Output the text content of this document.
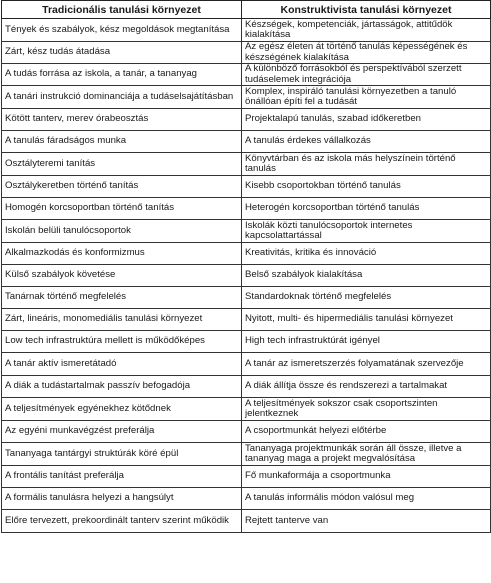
Tradicionális tanulási környezet	Konstruktivista tanulási környezet
Tények és szabályok, kész megoldások megtanítása	Készségek, kompetenciák, jártasságok, attitűdök kialakítása
Zárt, kész tudás átadása	Az egész életen át történő tanulás képességének és készségének kialakítása
A tudás forrása az iskola, a tanár, a tananyag	A különböző forrásokból és perspektívából szerzett tudáselemek integrációja
A tanári instrukció dominanciája a tudáselsajátításban	Komplex, inspiráló tanulási környezetben a tanuló önállóan építi fel a tudását
Kötött tanterv, merev órabeosztás	Projektalapú tanulás, szabad időkeretben
A tanulás fáradságos munka	A tanulás érdekes vállalkozás
Osztályteremi tanítás	Könyvtárban és az iskola más helyszínein történő tanulás
Osztálykeretben történő tanítás	Kisebb csoportokban történő tanulás
Homogén korcsoportban történő tanítás	Heterogén korcsoportban történő tanulás
Iskolán belüli tanulócsoportok	Iskolák közti tanulócsoportok internetes kapcsolattartással
Alkalmazkodás és konformizmus	Kreativitás, kritika és innováció
Külső szabályok követése	Belső szabályok kialakítása
Tanárnak történő megfelelés	Standardoknak történő megfelelés
Zárt, lineáris, monomediális tanulási környezet	Nyitott, multi- és hipermediális tanulási környezet
Low tech infrastruktúra mellett is működőképes	High tech infrastruktúrát igényel
A tanár aktív ismeretátadó	A tanár az ismeretszerzés folyamatának szervezője
A diák a tudástartalmak passzív befogadója	A diák állítja össze és rendszerezi a tartalmakat
A teljesítmények egyénekhez kötődnek	A teljesítmények sokszor csak csoportszinten jelentkeznek
Az egyéni munkavégzést preferálja	A csoportmunkát helyezi előtérbe
Tananyaga tantárgyi struktúrák köré épül	Tananyaga projektmunkák során áll össze, illetve a tananyag maga a projekt megvalósítása
A frontális tanítást preferálja	Fő munkaformája a csoportmunka
A formális tanulásra helyezi a hangsúlyt	A tanulás informális módon valósul meg
Előre tervezett, prekoordinált tanterv szerint működik	Rejtett tanterve van
